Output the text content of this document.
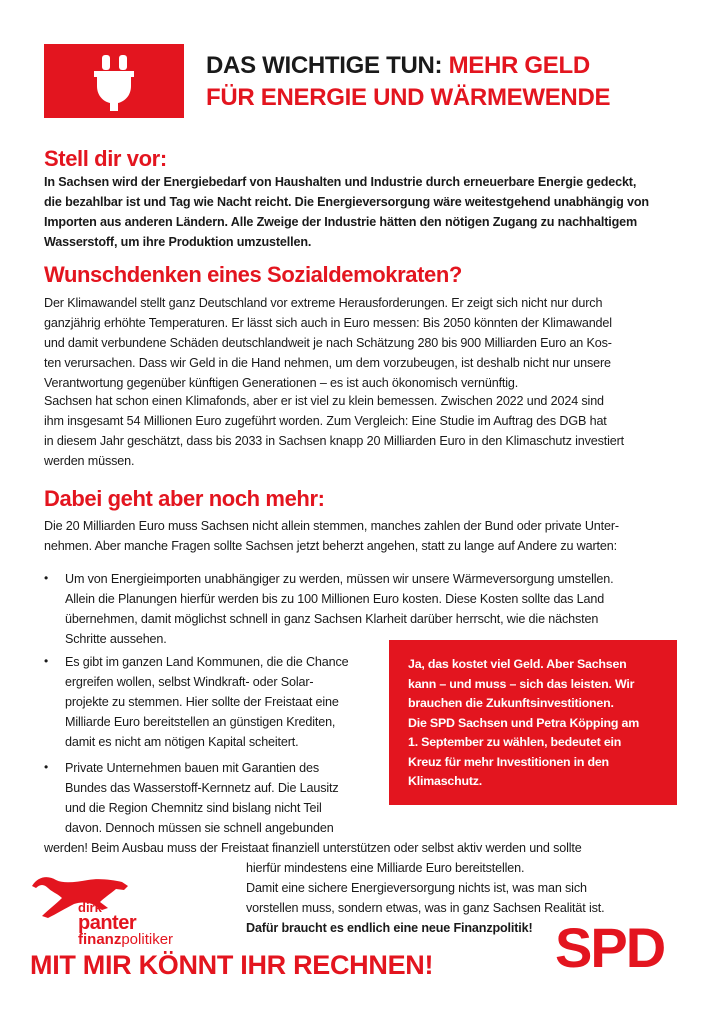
DAS WICHTIGE TUN: MEHR GELD
FÜR ENERGIE UND WÄRMEWENDE
Stell dir vor:
In Sachsen wird der Energiebedarf von Haushalten und Industrie durch erneuerbare Energie gedeckt,
die bezahlbar ist und Tag wie Nacht reicht. Die Energieversorgung wäre weitestgehend unabhängig von
Importen aus anderen Ländern. Alle Zweige der Industrie hätten den nötigen Zugang zu nachhaltigem
Wasserstoff, um ihre Produktion umzustellen.
Wunschdenken eines Sozialdemokraten?
Der Klimawandel stellt ganz Deutschland vor extreme Herausforderungen. Er zeigt sich nicht nur durch
ganzjährig erhöhte Temperaturen. Er lässt sich auch in Euro messen: Bis 2050 könnten der Klimawandel
und damit verbundene Schäden deutschlandweit je nach Schätzung 280 bis 900 Milliarden Euro an Kos-
ten verursachen. Dass wir Geld in die Hand nehmen, um dem vorzubeugen, ist deshalb nicht nur unsere
Verantwortung gegenüber künftigen Generationen – es ist auch ökonomisch vernünftig.
Sachsen hat schon einen Klimafonds, aber er ist viel zu klein bemessen. Zwischen 2022 und 2024 sind
ihm insgesamt 54 Millionen Euro zugeführt worden. Zum Vergleich: Eine Studie im Auftrag des DGB hat
in diesem Jahr geschätzt, dass bis 2033 in Sachsen knapp 20 Milliarden Euro in den Klimaschutz investiert
werden müssen.
Dabei geht aber noch mehr:
Die 20 Milliarden Euro muss Sachsen nicht allein stemmen, manches zahlen der Bund oder private Unter-
nehmen. Aber manche Fragen sollte Sachsen jetzt beherzt angehen, statt zu lange auf Andere zu warten:
• Um von Energieimporten unabhängiger zu werden, müssen wir unsere Wärmeversorgung umstellen.
Allein die Planungen hierfür werden bis zu 100 Millionen Euro kosten. Diese Kosten sollte das Land
übernehmen, damit möglichst schnell in ganz Sachsen Klarheit darüber herrscht, wie die nächsten
Schritte aussehen.
• Es gibt im ganzen Land Kommunen, die die Chance
ergreifen wollen, selbst Windkraft- oder Solar-
projekte zu stemmen. Hier sollte der Freistaat eine
Milliarde Euro bereitstellen an günstigen Krediten,
damit es nicht am nötigen Kapital scheitert.
• Private Unternehmen bauen mit Garantien des
Bundes das Wasserstoff-Kernnetz auf. Die Lausitz
und die Region Chemnitz sind bislang nicht Teil
davon. Dennoch müssen sie schnell angebunden
werden! Beim Ausbau muss der Freistaat finanziell unterstützen oder selbst aktiv werden und sollte
hierfür mindestens eine Milliarde Euro bereitstellen.
Damit eine sichere Energieversorgung nichts ist, was man sich
vorstellen muss, sondern etwas, was in ganz Sachsen Realität ist.
Dafür braucht es endlich eine neue Finanzpolitik!
Ja, das kostet viel Geld. Aber Sachsen
kann – und muss – sich das leisten. Wir
brauchen die Zukunftsinvestitionen.
Die SPD Sachsen und Petra Köpping am
1. September zu wählen, bedeutet ein
Kreuz für mehr Investitionen in den
Klimaschutz.
dirk
panter
finanzpolitiker
MIT MIR KÖNNT IHR RECHNEN! SPD
